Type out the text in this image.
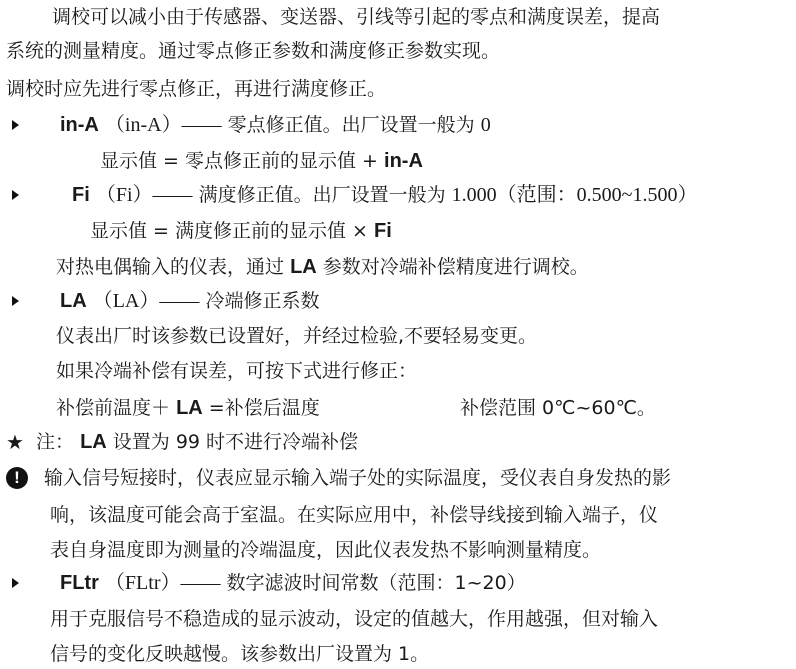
调校可以减小由于传感器、变送器、引线等引起的零点和满度误差，提高
系统的测量精度。通过零点修正参数和满度修正参数实现。
调校时应先进行零点修正，再进行满度修正。
in-A （in-A）—— 零点修正值。出厂设置一般为 0
显示值 = 零点修正前的显示值 + in-A
Fi （Fi）—— 满度修正值。出厂设置一般为 1.000（范围：0.500~1.500）
显示值 = 满度修正前的显示值 × Fi
对热电偶输入的仪表，通过 LA 参数对冷端补偿精度进行调校。
LA （LA）—— 冷端修正系数
仪表出厂时该参数已设置好，并经过检验,不要轻易变更。
如果冷端补偿有误差，可按下式进行修正：
补偿前温度＋ LA =补偿后温度	补偿范围 0℃~60℃。
★ 注： LA 设置为 99 时不进行冷端补偿
!	输入信号短接时，仪表应显示输入端子处的实际温度，受仪表自身发热的影
响，该温度可能会高于室温。在实际应用中，补偿导线接到输入端子，仪
表自身温度即为测量的冷端温度，因此仪表发热不影响测量精度。
FLtr （FLtr）—— 数字滤波时间常数（范围：1~20）
用于克服信号不稳造成的显示波动，设定的值越大，作用越强，但对输入
信号的变化反映越慢。该参数出厂设置为 1。
